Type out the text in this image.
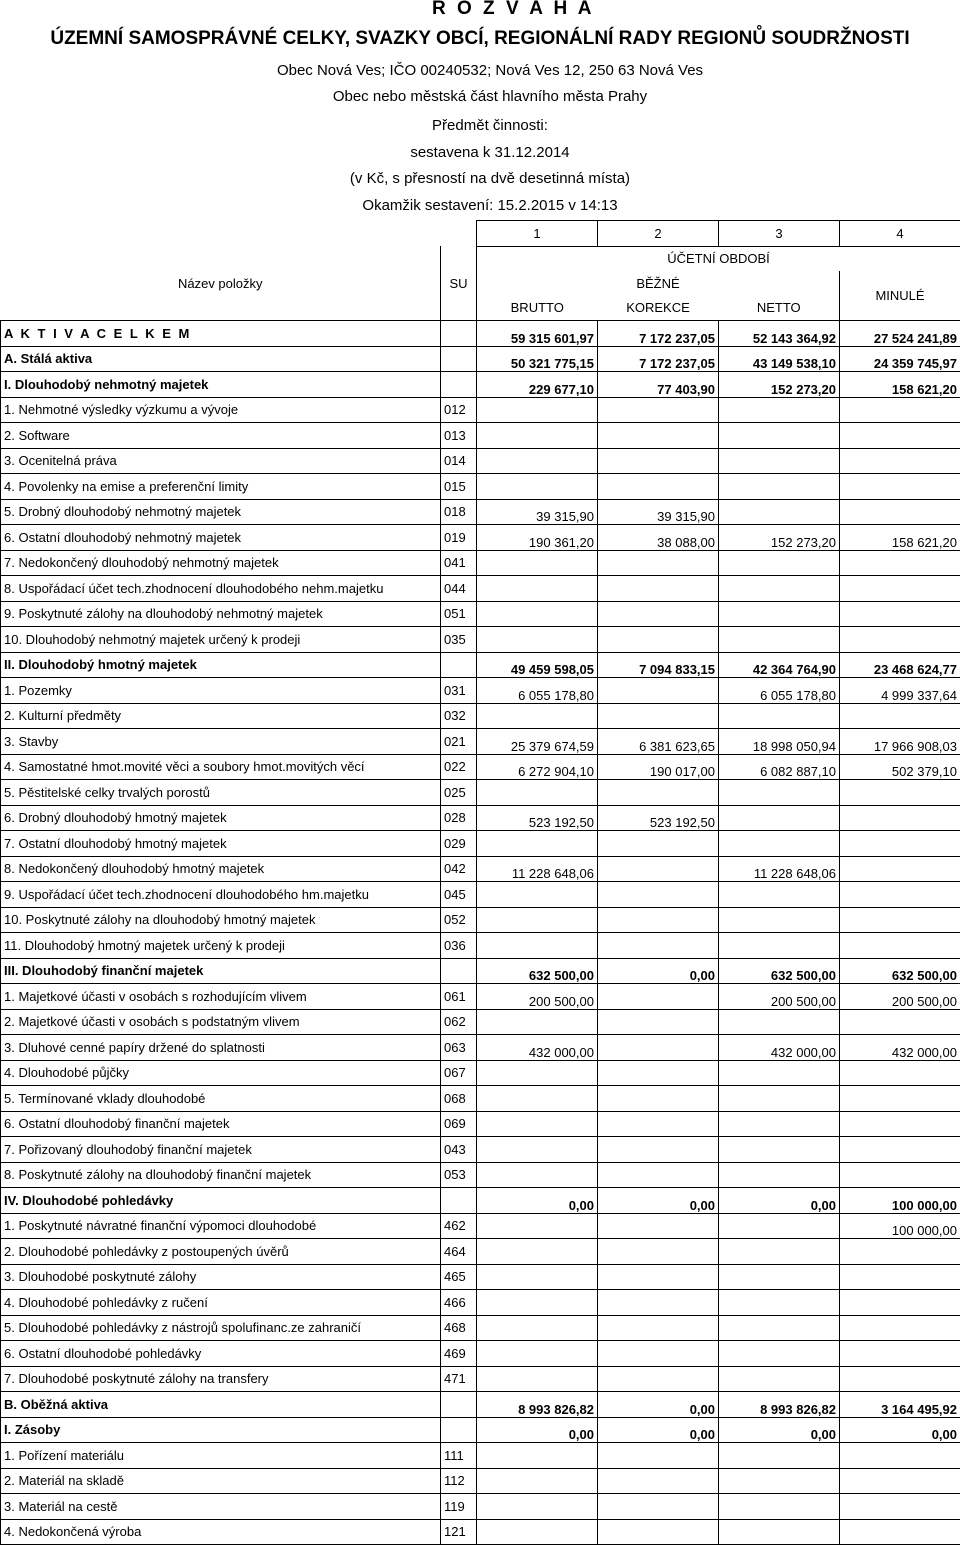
R O Z V A H A
ÚZEMNÍ SAMOSPRÁVNÉ CELKY, SVAZKY OBCÍ, REGIONÁLNÍ RADY REGIONŮ SOUDRŽNOSTI
Obec Nová Ves; IČO 00240532; Nová Ves 12, 250 63 Nová Ves
Obec nebo městská část hlavního města Prahy
Předmět činnosti:
sestavena k 31.12.2014
(v Kč, s přesností na dvě desetinná místa)
Okamžik sestavení: 15.2.2015 v 14:13
		1	2	3	4
Název položky	SU	ÚČETNÍ OBDOBÍ			
		BĚŽNÉ			MINULÉ
		BRUTTO	KOREKCE	NETTO	
A K T I V A C E L K E M		59 315 601,97	7 172 237,05	52 143 364,92	27 524 241,89
A. Stálá aktiva		50 321 775,15	7 172 237,05	43 149 538,10	24 359 745,97
I. Dlouhodobý nehmotný majetek		229 677,10	77 403,90	152 273,20	158 621,20
1. Nehmotné výsledky výzkumu a vývoje	012				
2. Software	013				
3. Ocenitelná práva	014				
4. Povolenky na emise a preferenční limity	015				
5. Drobný dlouhodobý nehmotný majetek	018	39 315,90	39 315,90		
6. Ostatní dlouhodobý nehmotný majetek	019	190 361,20	38 088,00	152 273,20	158 621,20
7. Nedokončený dlouhodobý nehmotný majetek	041				
8. Uspořádací účet tech.zhodnocení dlouhodobého nehm.majetku	044				
9. Poskytnuté zálohy na dlouhodobý nehmotný majetek	051				
10. Dlouhodobý nehmotný majetek určený k prodeji	035				
II. Dlouhodobý hmotný majetek		49 459 598,05	7 094 833,15	42 364 764,90	23 468 624,77
1. Pozemky	031	6 055 178,80		6 055 178,80	4 999 337,64
2. Kulturní předměty	032				
3. Stavby	021	25 379 674,59	6 381 623,65	18 998 050,94	17 966 908,03
4. Samostatné hmot.movité věci a soubory hmot.movitých věcí	022	6 272 904,10	190 017,00	6 082 887,10	502 379,10
5. Pěstitelské celky trvalých porostů	025				
6. Drobný dlouhodobý hmotný majetek	028	523 192,50	523 192,50		
7. Ostatní dlouhodobý hmotný majetek	029				
8. Nedokončený dlouhodobý hmotný majetek	042	11 228 648,06		11 228 648,06	
9. Uspořádací účet tech.zhodnocení dlouhodobého hm.majetku	045				
10. Poskytnuté zálohy na dlouhodobý hmotný majetek	052				
11. Dlouhodobý hmotný majetek určený k prodeji	036				
III. Dlouhodobý finanční majetek		632 500,00	0,00	632 500,00	632 500,00
1. Majetkové účasti v osobách s rozhodujícím vlivem	061	200 500,00		200 500,00	200 500,00
2. Majetkové účasti v osobách s podstatným vlivem	062				
3. Dluhové cenné papíry držené do splatnosti	063	432 000,00		432 000,00	432 000,00
4. Dlouhodobé půjčky	067				
5. Termínované vklady dlouhodobé	068				
6. Ostatní dlouhodobý finanční majetek	069				
7. Pořizovaný dlouhodobý finanční majetek	043				
8. Poskytnuté zálohy na dlouhodobý finanční majetek	053				
IV. Dlouhodobé pohledávky		0,00	0,00	0,00	100 000,00
1. Poskytnuté návratné finanční výpomoci dlouhodobé	462				100 000,00
2. Dlouhodobé pohledávky z postoupených úvěrů	464				
3. Dlouhodobé poskytnuté zálohy	465				
4. Dlouhodobé pohledávky z ručení	466				
5. Dlouhodobé pohledávky z nástrojů spolufinanc.ze zahraničí	468				
6. Ostatní dlouhodobé pohledávky	469				
7. Dlouhodobé poskytnuté zálohy na transfery	471				
B. Oběžná aktiva		8 993 826,82	0,00	8 993 826,82	3 164 495,92
I. Zásoby		0,00	0,00	0,00	0,00
1. Pořízení materiálu	111				
2. Materiál na skladě	112				
3. Materiál na cestě	119				
4. Nedokončená výroba	121				
